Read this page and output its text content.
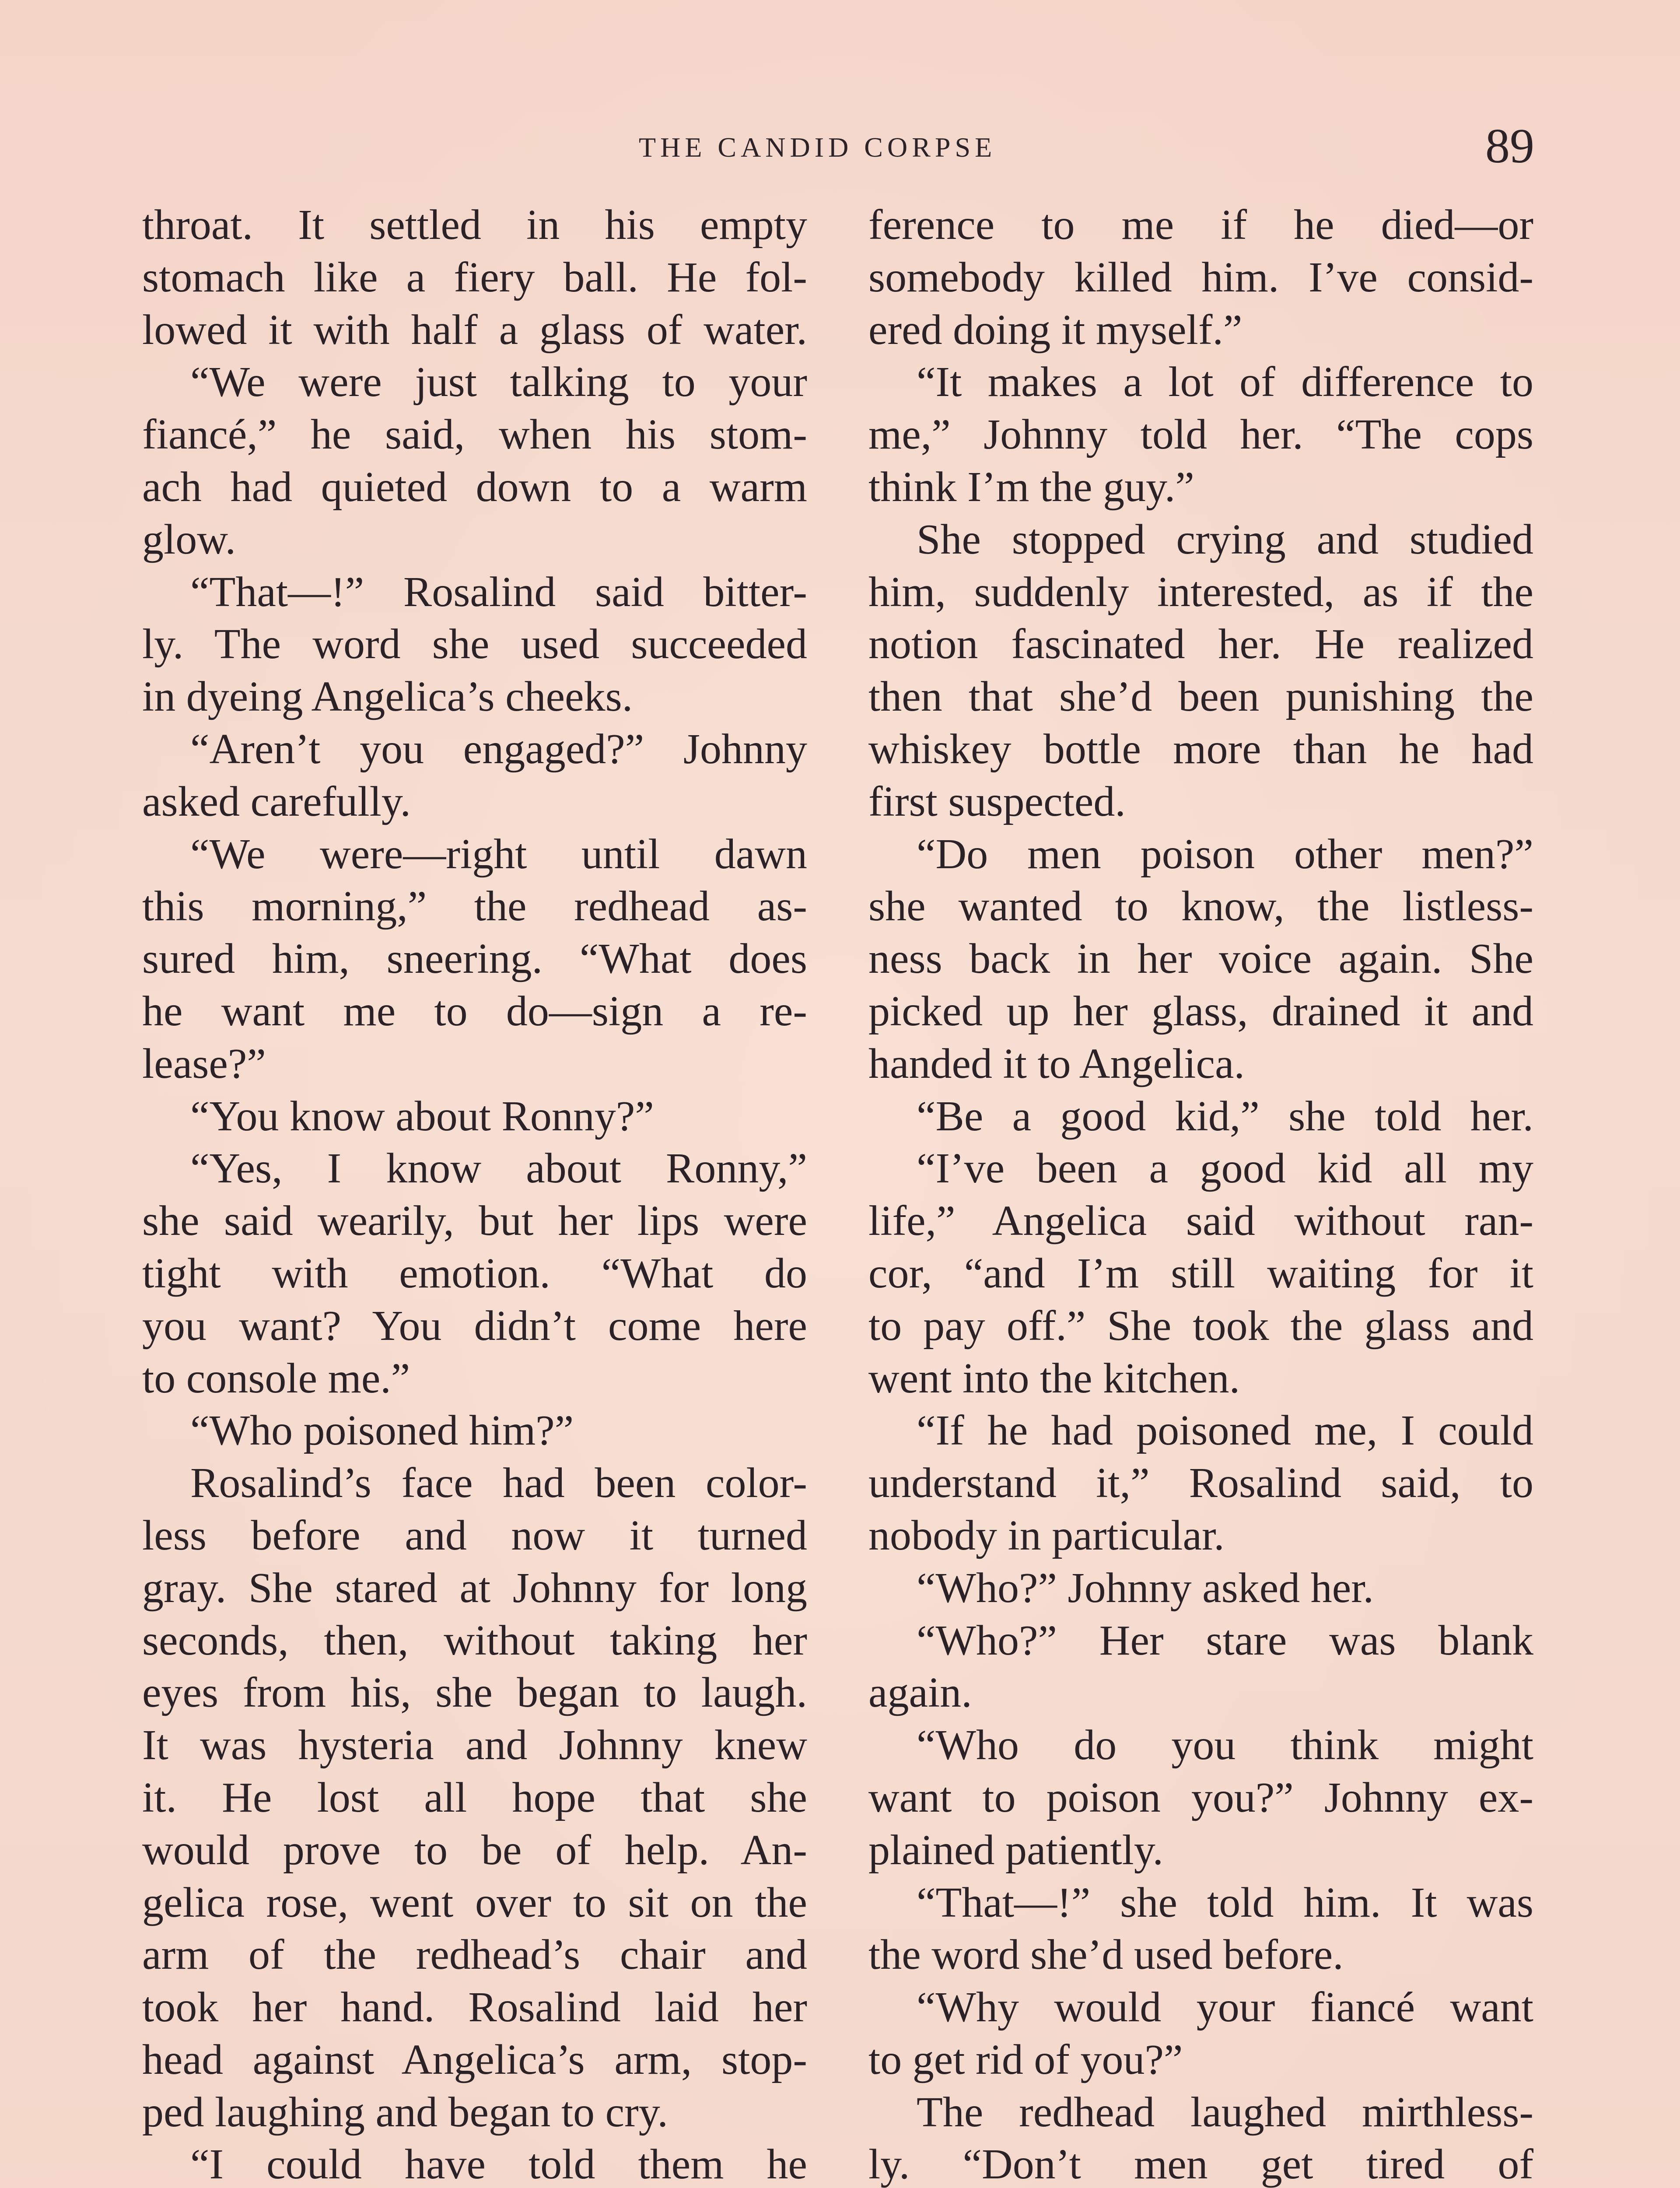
THE CANDID CORPSE	89
throat. It settled in his empty
stomach like a fiery ball. He fol-
lowed it with half a glass of water.
“We were just talking to your
fiancé,” he said, when his stom-
ach had quieted down to a warm
glow.
“That—!” Rosalind said bitter-
ly. The word she used succeeded
in dyeing Angelica’s cheeks.
“Aren’t you engaged?” Johnny
asked carefully.
“We were—right until dawn
this morning,” the redhead as-
sured him, sneering. “What does
he want me to do—sign a re-
lease?”
“You know about Ronny?”
“Yes, I know about Ronny,”
she said wearily, but her lips were
tight with emotion. “What do
you want? You didn’t come here
to console me.”
“Who poisoned him?”
Rosalind’s face had been color-
less before and now it turned
gray. She stared at Johnny for long
seconds, then, without taking her
eyes from his, she began to laugh.
It was hysteria and Johnny knew
it. He lost all hope that she
would prove to be of help. An-
gelica rose, went over to sit on the
arm of the redhead’s chair and
took her hand. Rosalind laid her
head against Angelica’s arm, stop-
ped laughing and began to cry.
“I could have told them he
ference to me if he died—or
somebody killed him. I’ve consid-
ered doing it myself.”
“It makes a lot of difference to
me,” Johnny told her. “The cops
think I’m the guy.”
She stopped crying and studied
him, suddenly interested, as if the
notion fascinated her. He realized
then that she’d been punishing the
whiskey bottle more than he had
first suspected.
“Do men poison other men?”
she wanted to know, the listless-
ness back in her voice again. She
picked up her glass, drained it and
handed it to Angelica.
“Be a good kid,” she told her.
“I’ve been a good kid all my
life,” Angelica said without ran-
cor, “and I’m still waiting for it
to pay off.” She took the glass and
went into the kitchen.
“If he had poisoned me, I could
understand it,” Rosalind said, to
nobody in particular.
“Who?” Johnny asked her.
“Who?” Her stare was blank
again.
“Who do you think might
want to poison you?” Johnny ex-
plained patiently.
“That—!” she told him. It was
the word she’d used before.
“Why would your fiancé want
to get rid of you?”
The redhead laughed mirthless-
ly. “Don’t men get tired of
